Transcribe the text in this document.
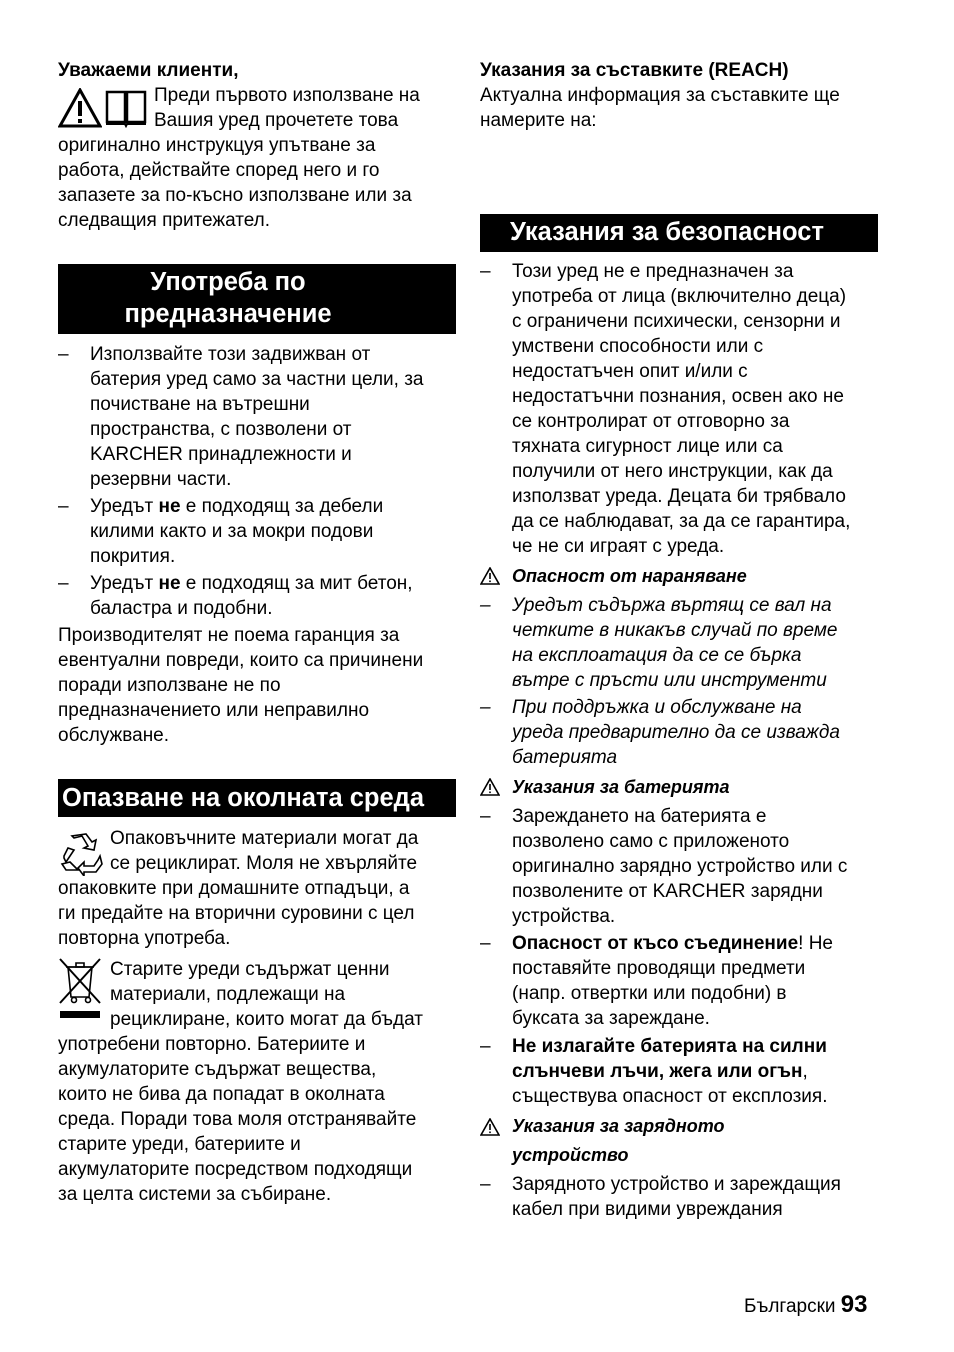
Уважаеми клиенти,

Преди първото използване на

Вашия уред прочетете това

оригинално инструкцуя упътване за

работа, действайте според него и го

запазете за по-късно използване или за

следващия притежател.

Употреба по
предназначение
– Използвайте този задвижван от

батерия уред само за частни цели, за

почистване на вътрешни

пространства, с позволени от

KARCHER принадлежности и

резервни части.

– Уредът не е подходящ за дебели

килими както и за мокри подови

покрития.

– Уредът не е подходящ за мит бетон,

баластра и подобни.

Производителят не поема гаранция за

евентуални повреди, които са причинени

поради използване не по

предназначението или неправилно

обслужване.

Опазване на околната среда

Опаковъчните материали могат да

се рециклират. Моля не хвърляйте

опаковките при домашните отпадъци, а

ги предайте на вторични суровини с цел

повторна употреба.

Старите уреди съдържат ценни

материали, подлежащи на

рециклиране, които могат да бъдат

употребени повторно. Батериите и

акумулаторите съдържат вещества,

които не бива да попадат в околната

среда. Поради това моля отстранявайте

старите уреди, батериите и

акумулаторите посредством подходящи

за целта системи за събиране.

Указания за съставките (REACH)

Актуална информация за съставките ще

намерите на:

Указания за безопасност
– Този уред не е предназначен за

употреба от лица (включително деца)

с ограничени психически, сензорни и

умствени способности или с

недостатъчен опит и/или с

недостатъчни познания, освен ако не

се контролират от отговорно за

тяхната сигурност лице или са

получили от него инструкции, как да

използват уреда. Децата би трябвало

да се наблюдават, за да се гарантира,

че не си играят с уреда.

Опасност от нараняване
– Уредът съдържа въртящ се вал на

четките в никакъв случай по време

на експлоатация да се се бърка

вътре с пръсти или инструменти

– При поддръжка и обслужване на

уреда предварително да се изважда

батерията

Указания за батерията
– Зареждането на батерията е

позволено само с приложеното

оригинално зарядно устройство или с

позволените от KARCHER зарядни

устройства.

– Опасност от късо съединение! Не

поставяйте проводящи предмети

(напр. отвертки или подобни) в

буксата за зареждане.

– Не излагайте батерията на силни

слънчеви лъчи, жега или огън,

съществува опасност от експлозия.

Указания за зарядното
устройство
– Зарядното устройство и зареждащия

кабел при видими увреждания

Български 93
